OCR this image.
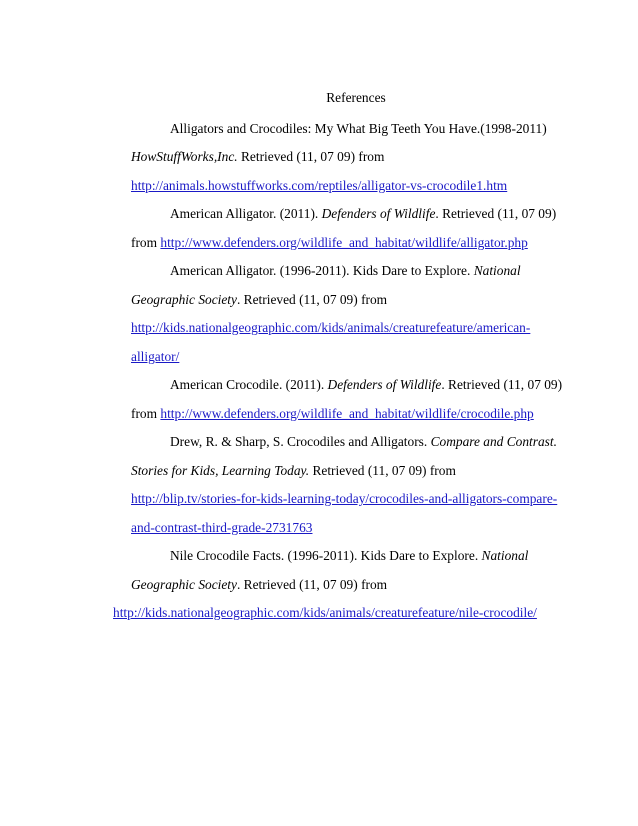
References
Alligators and Crocodiles: My What Big Teeth You Have.(1998-2011)
HowStuffWorks,Inc. Retrieved (11, 07 09) from
http://animals.howstuffworks.com/reptiles/alligator-vs-crocodile1.htm
American Alligator. (2011). Defenders of Wildlife. Retrieved (11, 07 09)
from http://www.defenders.org/wildlife_and_habitat/wildlife/alligator.php
American Alligator. (1996-2011). Kids Dare to Explore. National
Geographic Society. Retrieved (11, 07 09) from
http://kids.nationalgeographic.com/kids/animals/creaturefeature/american-
alligator/
American Crocodile. (2011). Defenders of Wildlife. Retrieved (11, 07 09)
from http://www.defenders.org/wildlife_and_habitat/wildlife/crocodile.php
Drew, R. & Sharp, S. Crocodiles and Alligators. Compare and Contrast.
Stories for Kids, Learning Today. Retrieved (11, 07 09) from
http://blip.tv/stories-for-kids-learning-today/crocodiles-and-alligators-compare-
and-contrast-third-grade-2731763
Nile Crocodile Facts. (1996-2011). Kids Dare to Explore. National
Geographic Society. Retrieved (11, 07 09) from
http://kids.nationalgeographic.com/kids/animals/creaturefeature/nile-crocodile/
